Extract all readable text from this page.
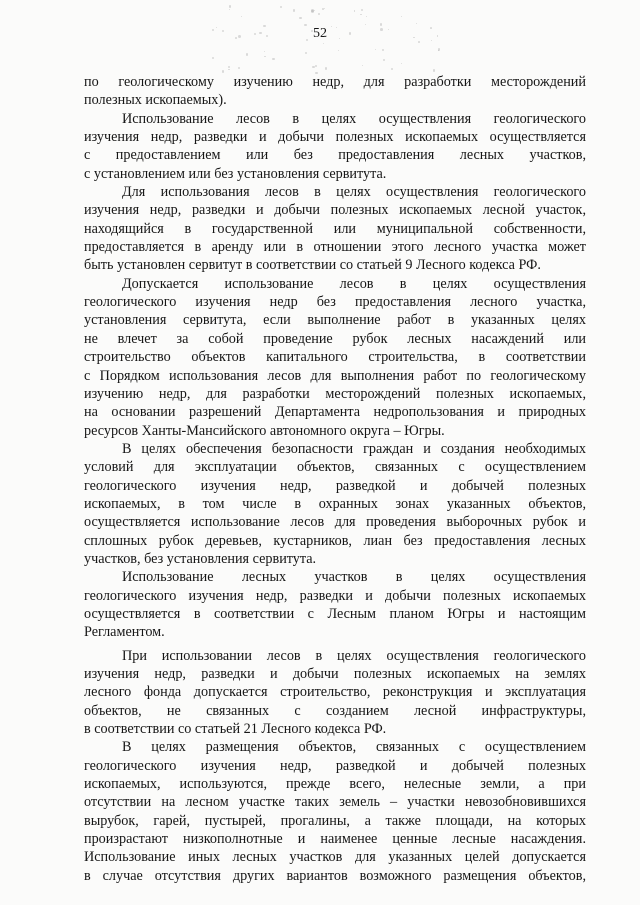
52
по геологическому изучению недр, для разработки месторождений
полезных ископаемых).
Использование лесов в целях осуществления геологического
изучения недр, разведки и добычи полезных ископаемых осуществляется
с предоставлением или без предоставления лесных участков,
с установлением или без установления сервитута.
Для использования лесов в целях осуществления геологического
изучения недр, разведки и добычи полезных ископаемых лесной участок,
находящийся в государственной или муниципальной собственности,
предоставляется в аренду или в отношении этого лесного участка может
быть установлен сервитут в соответствии со статьей 9 Лесного кодекса РФ.
Допускается использование лесов в целях осуществления
геологического изучения недр без предоставления лесного участка,
установления сервитута, если выполнение работ в указанных целях
не влечет за собой проведение рубок лесных насаждений или
строительство объектов капитального строительства, в соответствии
с Порядком использования лесов для выполнения работ по геологическому
изучению недр, для разработки месторождений полезных ископаемых,
на основании разрешений Департамента недропользования и природных
ресурсов Ханты-Мансийского автономного округа – Югры.
В целях обеспечения безопасности граждан и создания необходимых
условий для эксплуатации объектов, связанных с осуществлением
геологического изучения недр, разведкой и добычей полезных
ископаемых, в том числе в охранных зонах указанных объектов,
осуществляется использование лесов для проведения выборочных рубок и
сплошных рубок деревьев, кустарников, лиан без предоставления лесных
участков, без установления сервитута.
Использование лесных участков в целях осуществления
геологического изучения недр, разведки и добычи полезных ископаемых
осуществляется в соответствии с Лесным планом Югры и настоящим
Регламентом.
При использовании лесов в целях осуществления геологического
изучения недр, разведки и добычи полезных ископаемых на землях
лесного фонда допускается строительство, реконструкция и эксплуатация
объектов, не связанных с созданием лесной инфраструктуры,
в соответствии со статьей 21 Лесного кодекса РФ.
В целях размещения объектов, связанных с осуществлением
геологического изучения недр, разведкой и добычей полезных
ископаемых, используются, прежде всего, нелесные земли, а при
отсутствии на лесном участке таких земель – участки невозобновившихся
вырубок, гарей, пустырей, прогалины, а также площади, на которых
произрастают низкополнотные и наименее ценные лесные насаждения.
Использование иных лесных участков для указанных целей допускается
в случае отсутствия других вариантов возможного размещения объектов,
